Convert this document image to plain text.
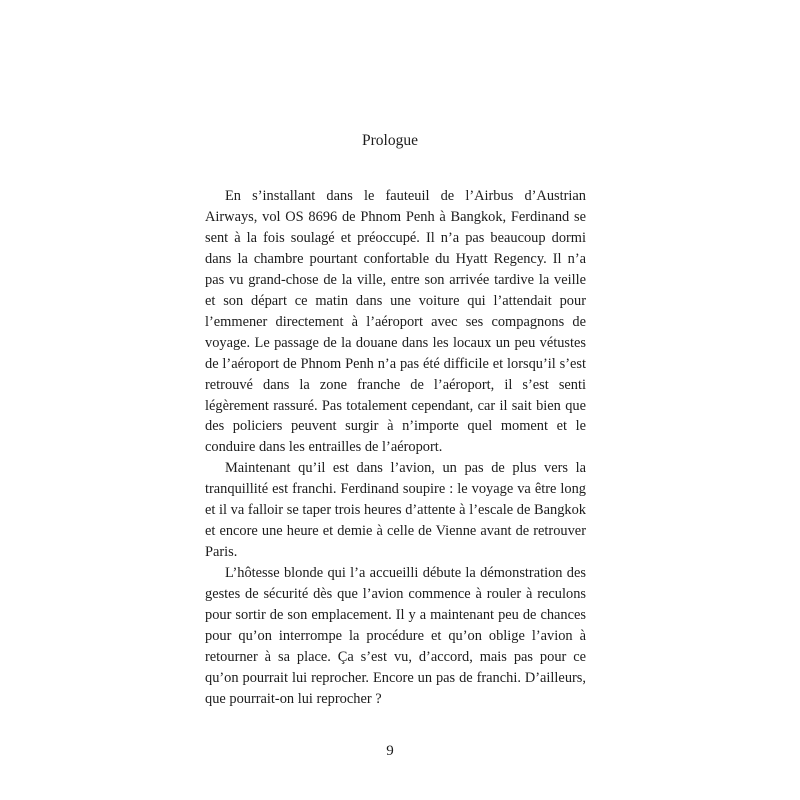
Prologue

En s’installant dans le fauteuil de l’Airbus d’Austrian Airways, vol OS 8696 de Phnom Penh à Bangkok, Ferdinand se sent à la fois soulagé et préoccupé. Il n’a pas beaucoup dormi dans la chambre pourtant confortable du Hyatt Regency. Il n’a pas vu grand-chose de la ville, entre son arrivée tardive la veille et son départ ce matin dans une voiture qui l’attendait pour l’emmener directement à l’aéroport avec ses compagnons de voyage. Le passage de la douane dans les locaux un peu vétustes de l’aéroport de Phnom Penh n’a pas été difficile et lorsqu’il s’est retrouvé dans la zone franche de l’aéroport, il s’est senti légèrement rassuré. Pas totalement cependant, car il sait bien que des policiers peuvent surgir à n’importe quel moment et le conduire dans les entrailles de l’aéroport.

Maintenant qu’il est dans l’avion, un pas de plus vers la tranquillité est franchi. Ferdinand soupire : le voyage va être long et il va falloir se taper trois heures d’attente à l’escale de Bangkok et encore une heure et demie à celle de Vienne avant de retrouver Paris.

L’hôtesse blonde qui l’a accueilli débute la démonstration des gestes de sécurité dès que l’avion commence à rouler à reculons pour sortir de son emplacement. Il y a maintenant peu de chances pour qu’on interrompe la procédure et qu’on oblige l’avion à retourner à sa place. Ça s’est vu, d’accord, mais pas pour ce qu’on pourrait lui reprocher. Encore un pas de franchi. D’ailleurs, que pourrait-on lui reprocher ?

9
